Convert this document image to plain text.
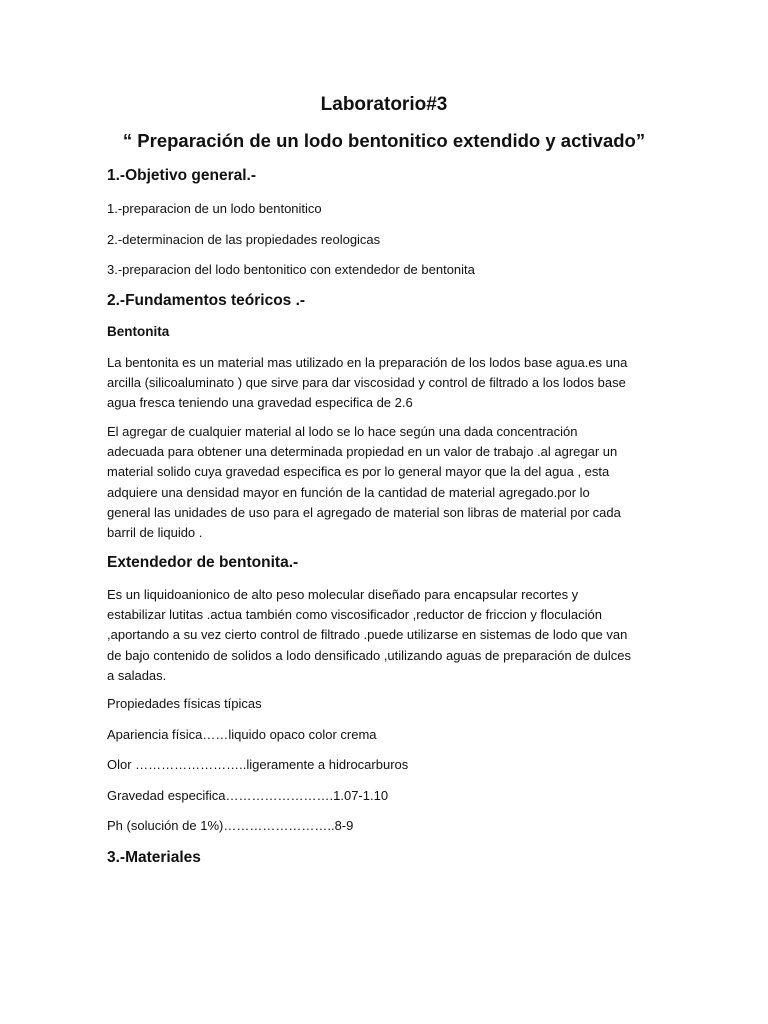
Laboratorio#3
“ Preparación de un lodo bentonitico extendido y activado”
1.-Objetivo general.-
1.-preparacion de un lodo bentonitico
2.-determinacion de las propiedades reologicas
3.-preparacion del lodo bentonitico con extendedor de bentonita
2.-Fundamentos teóricos .-
Bentonita
La bentonita es un material mas utilizado en la preparación de los lodos base agua.es una
arcilla (silicoaluminato ) que sirve para dar viscosidad y control de filtrado a los lodos base
agua fresca teniendo una gravedad especifica de 2.6
El agregar de cualquier material al lodo se lo hace según una dada concentración
adecuada para obtener una determinada propiedad en un valor de trabajo .al agregar un
material solido cuya gravedad especifica es por lo general mayor que la del agua , esta
adquiere una densidad mayor en función de la cantidad de material agregado.por lo
general las unidades de uso para el agregado de material son libras de material por cada
barril de liquido .
Extendedor de bentonita.-
Es un liquidoanionico de alto peso molecular diseñado para encapsular recortes y
estabilizar lutitas .actua también como viscosificador ,reductor de friccion y floculación
,aportando a su vez cierto control de filtrado .puede utilizarse en sistemas de lodo que van
de bajo contenido de solidos a lodo densificado ,utilizando aguas de preparación de dulces
a saladas.
Propiedades físicas típicas
Apariencia física……liquido opaco color crema
Olor ……………………..ligeramente a hidrocarburos
Gravedad especifica…………………….1.07-1.10
Ph (solución de 1%)……………………..8-9
3.-Materiales
